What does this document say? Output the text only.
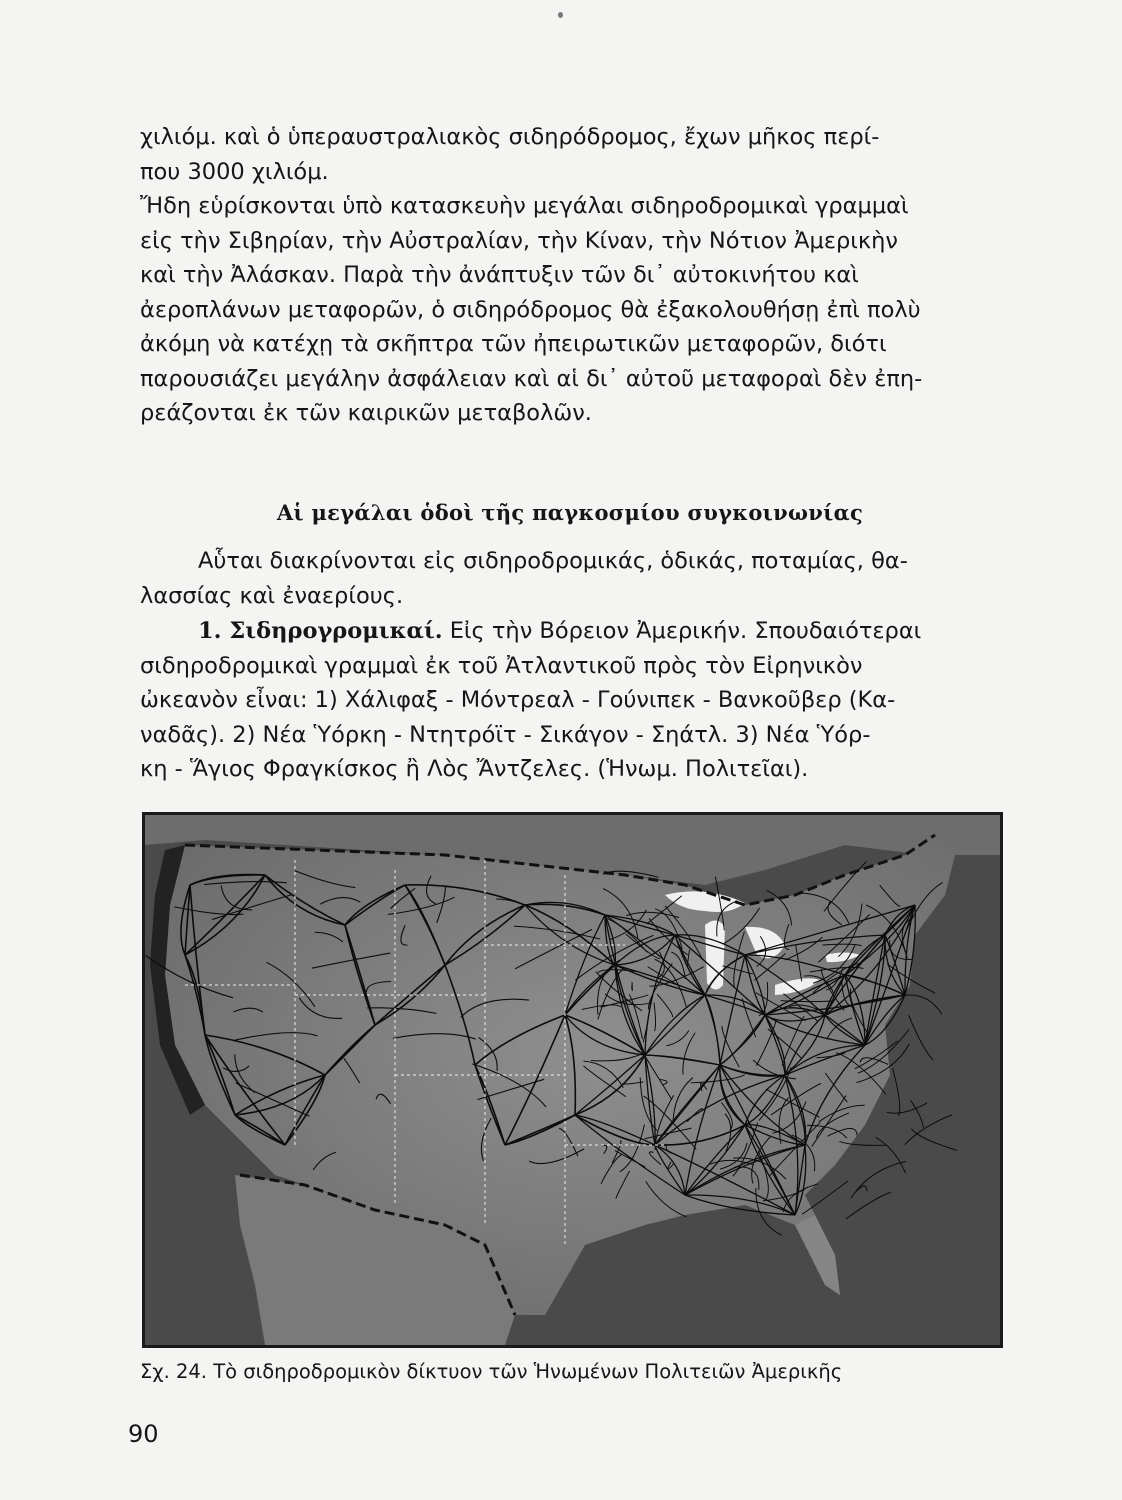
χιλιόμ. καὶ ὁ ὑπεραυστραλιακὸς σιδηρόδρομος, ἔχων μῆκος περί-
που 3000 χιλιόμ.

Ἤδη εὑρίσκονται ὑπὸ κατασκευὴν μεγάλαι σιδηροδρομικαὶ γραμμαὶ
εἰς τὴν Σιβηρίαν, τὴν Αὐστραλίαν, τὴν Κίναν, τὴν Νότιον Ἀμερικὴν
καὶ τὴν Ἀλάσκαν. Παρὰ τὴν ἀνάπτυξιν τῶν δι᾿ αὐτοκινήτου καὶ
ἀεροπλάνων μεταφορῶν, ὁ σιδηρόδρομος θὰ ἐξακολουθήσῃ ἐπὶ πολὺ
ἀκόμη νὰ κατέχῃ τὰ σκῆπτρα τῶν ἠπειρωτικῶν μεταφορῶν, διότι
παρουσιάζει μεγάλην ἀσφάλειαν καὶ αἱ δι᾿ αὐτοῦ μεταφοραὶ δὲν ἐπη-
ρεάζονται ἐκ τῶν καιρικῶν μεταβολῶν.

Αἱ μεγάλαι ὁδοὶ τῆς παγκοσμίου συγκοινωνίας

Αὗται διακρίνονται εἰς σιδηροδρομικάς, ὁδικάς, ποταμίας, θα-
λασσίας καὶ ἐναερίους.

1. Σιδηρογρομικαί. Εἰς τὴν Βόρειον Ἀμερικήν. Σπουδαιότεραι
σιδηροδρομικαὶ γραμμαὶ ἐκ τοῦ Ἀτλαντικοῦ πρὸς τὸν Εἰρηνικὸν
ὠκεανὸν εἶναι: 1) Χάλιφαξ - Μόντρεαλ - Γούνιπεκ - Βανκοῦβερ (Κα-
ναδᾶς). 2) Νέα Ὑόρκη - Ντητρόϊτ - Σικάγον - Σηάτλ. 3) Νέα Ὑόρ-
κη - Ἅγιος Φραγκίσκος ἢ Λὸς Ἄντζελες. (Ἡνωμ. Πολιτεῖαι).

Σχ. 24. Τὸ σιδηροδρομικὸν δίκτυον τῶν Ἡνωμένων Πολιτειῶν Ἀμερικῆς
90
